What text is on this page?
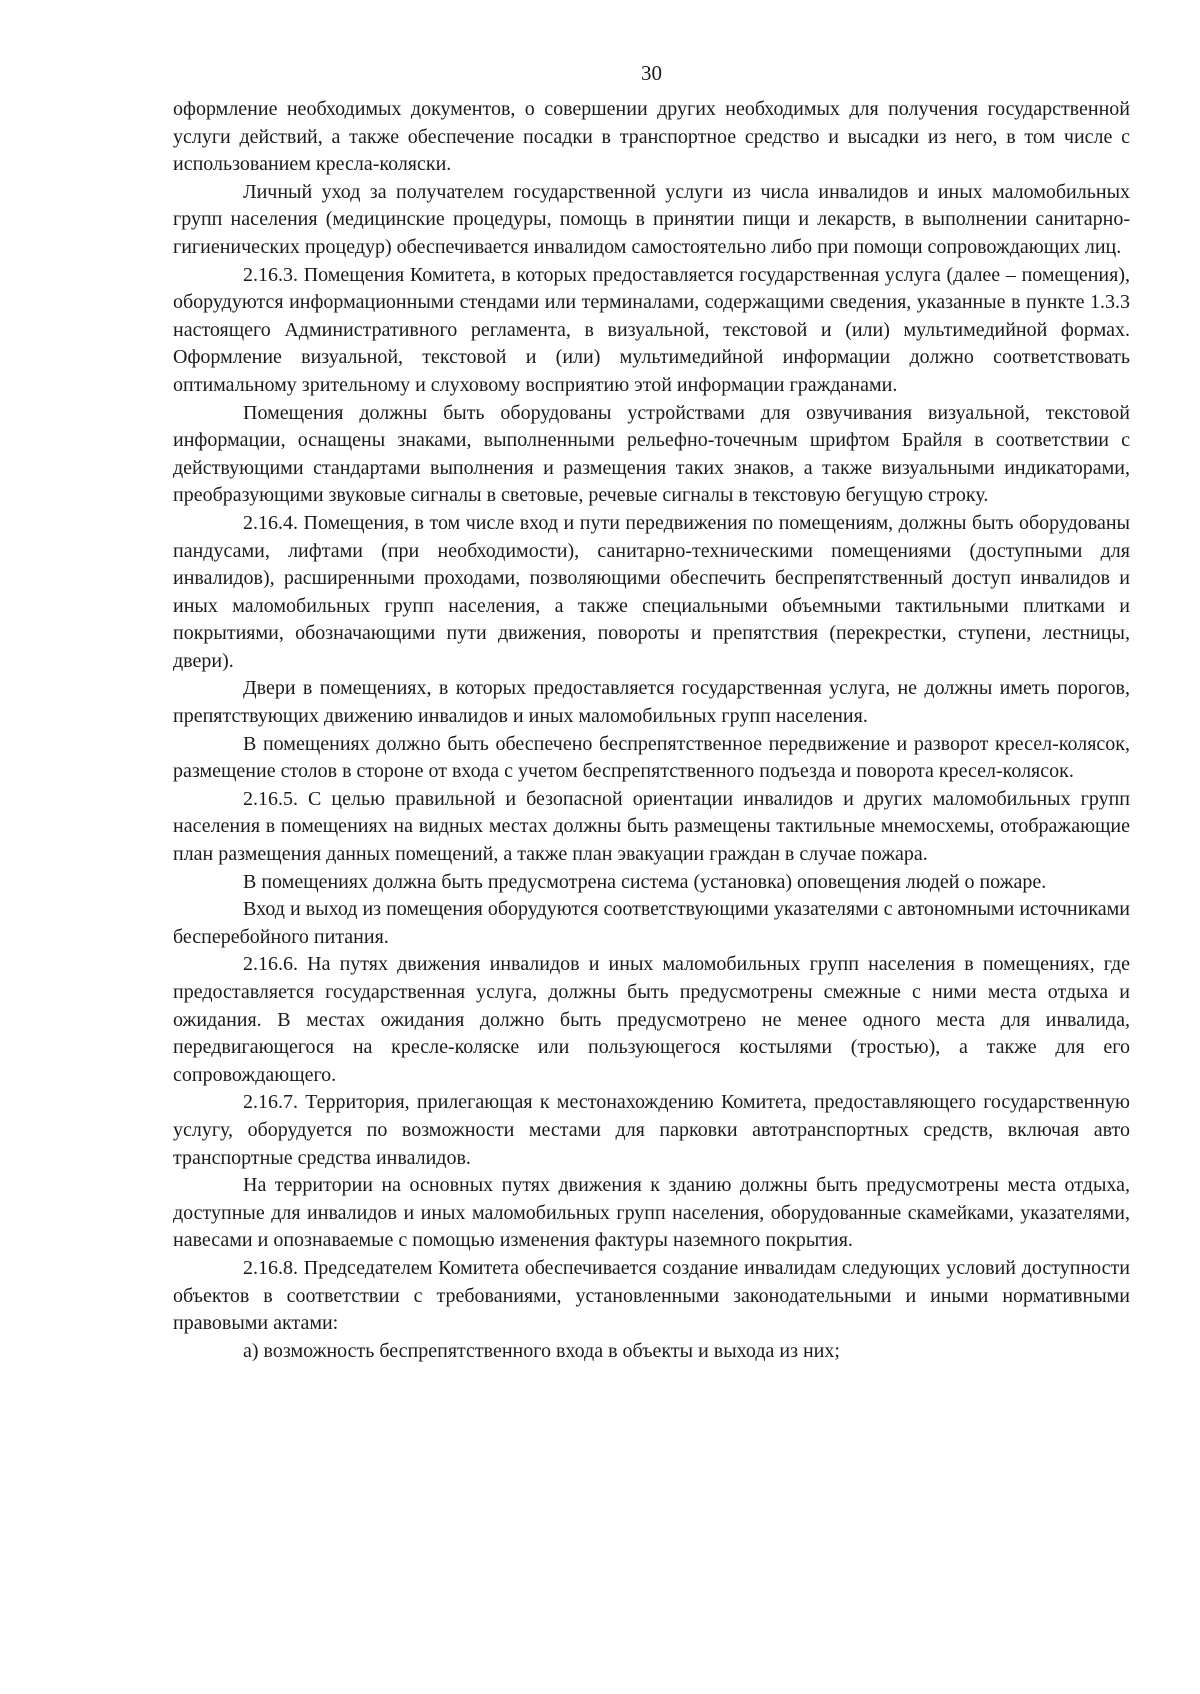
30

оформление необходимых документов, о совершении других необходимых для получения государственной услуги действий, а также обеспечение посадки в транспортное средство и высадки из него, в том числе с использованием кресла-коляски.

Личный уход за получателем государственной услуги из числа инвалидов и иных маломобильных групп населения (медицинские процедуры, помощь в принятии пищи и лекарств, в выполнении санитарно-гигиенических процедур) обеспечивается инвалидом самостоятельно либо при помощи сопровождающих лиц.

2.16.3. Помещения Комитета, в которых предоставляется государственная услуга (далее – помещения), оборудуются информационными стендами или терминалами, содержащими сведения, указанные в пункте 1.3.3 настоящего Административного регламента, в визуальной, текстовой и (или) мультимедийной формах. Оформление визуальной, текстовой и (или) мультимедийной информации должно соответствовать оптимальному зрительному и слуховому восприятию этой информации гражданами.

Помещения должны быть оборудованы устройствами для озвучивания визуальной, текстовой информации, оснащены знаками, выполненными рельефно-точечным шрифтом Брайля в соответствии с действующими стандартами выполнения и размещения таких знаков, а также визуальными индикаторами, преобразующими звуковые сигналы в световые, речевые сигналы в текстовую бегущую строку.

2.16.4. Помещения, в том числе вход и пути передвижения по помещениям, должны быть оборудованы пандусами, лифтами (при необходимости), санитарно-техническими помещениями (доступными для инвалидов), расширенными проходами, позволяющими обеспечить беспрепятственный доступ инвалидов и иных маломобильных групп населения, а также специальными объемными тактильными плитками и покрытиями, обозначающими пути движения, повороты и препятствия (перекрестки, ступени, лестницы, двери).

Двери в помещениях, в которых предоставляется государственная услуга, не должны иметь порогов, препятствующих движению инвалидов и иных маломобильных групп населения.

В помещениях должно быть обеспечено беспрепятственное передвижение и разворот кресел-колясок, размещение столов в стороне от входа с учетом беспрепятственного подъезда и поворота кресел-колясок.

2.16.5. С целью правильной и безопасной ориентации инвалидов и других маломобильных групп населения в помещениях на видных местах должны быть размещены тактильные мнемосхемы, отображающие план размещения данных помещений, а также план эвакуации граждан в случае пожара.

В помещениях должна быть предусмотрена система (установка) оповещения людей о пожаре.

Вход и выход из помещения оборудуются соответствующими указателями с автономными источниками бесперебойного питания.

2.16.6. На путях движения инвалидов и иных маломобильных групп населения в помещениях, где предоставляется государственная услуга, должны быть предусмотрены смежные с ними места отдыха и ожидания. В местах ожидания должно быть предусмотрено не менее одного места для инвалида, передвигающегося на кресле-коляске или пользующегося костылями (тростью), а также для его сопровождающего.

2.16.7. Территория, прилегающая к местонахождению Комитета, предоставляющего государственную услугу, оборудуется по возможности местами для парковки автотранспортных средств, включая авто транспортные средства инвалидов.

На территории на основных путях движения к зданию должны быть предусмотрены места отдыха, доступные для инвалидов и иных маломобильных групп населения, оборудованные скамейками, указателями, навесами и опознаваемые с помощью изменения фактуры наземного покрытия.

2.16.8. Председателем Комитета обеспечивается создание инвалидам следующих условий доступности объектов в соответствии с требованиями, установленными законодательными и иными нормативными правовыми актами:

а) возможность беспрепятственного входа в объекты и выхода из них;
